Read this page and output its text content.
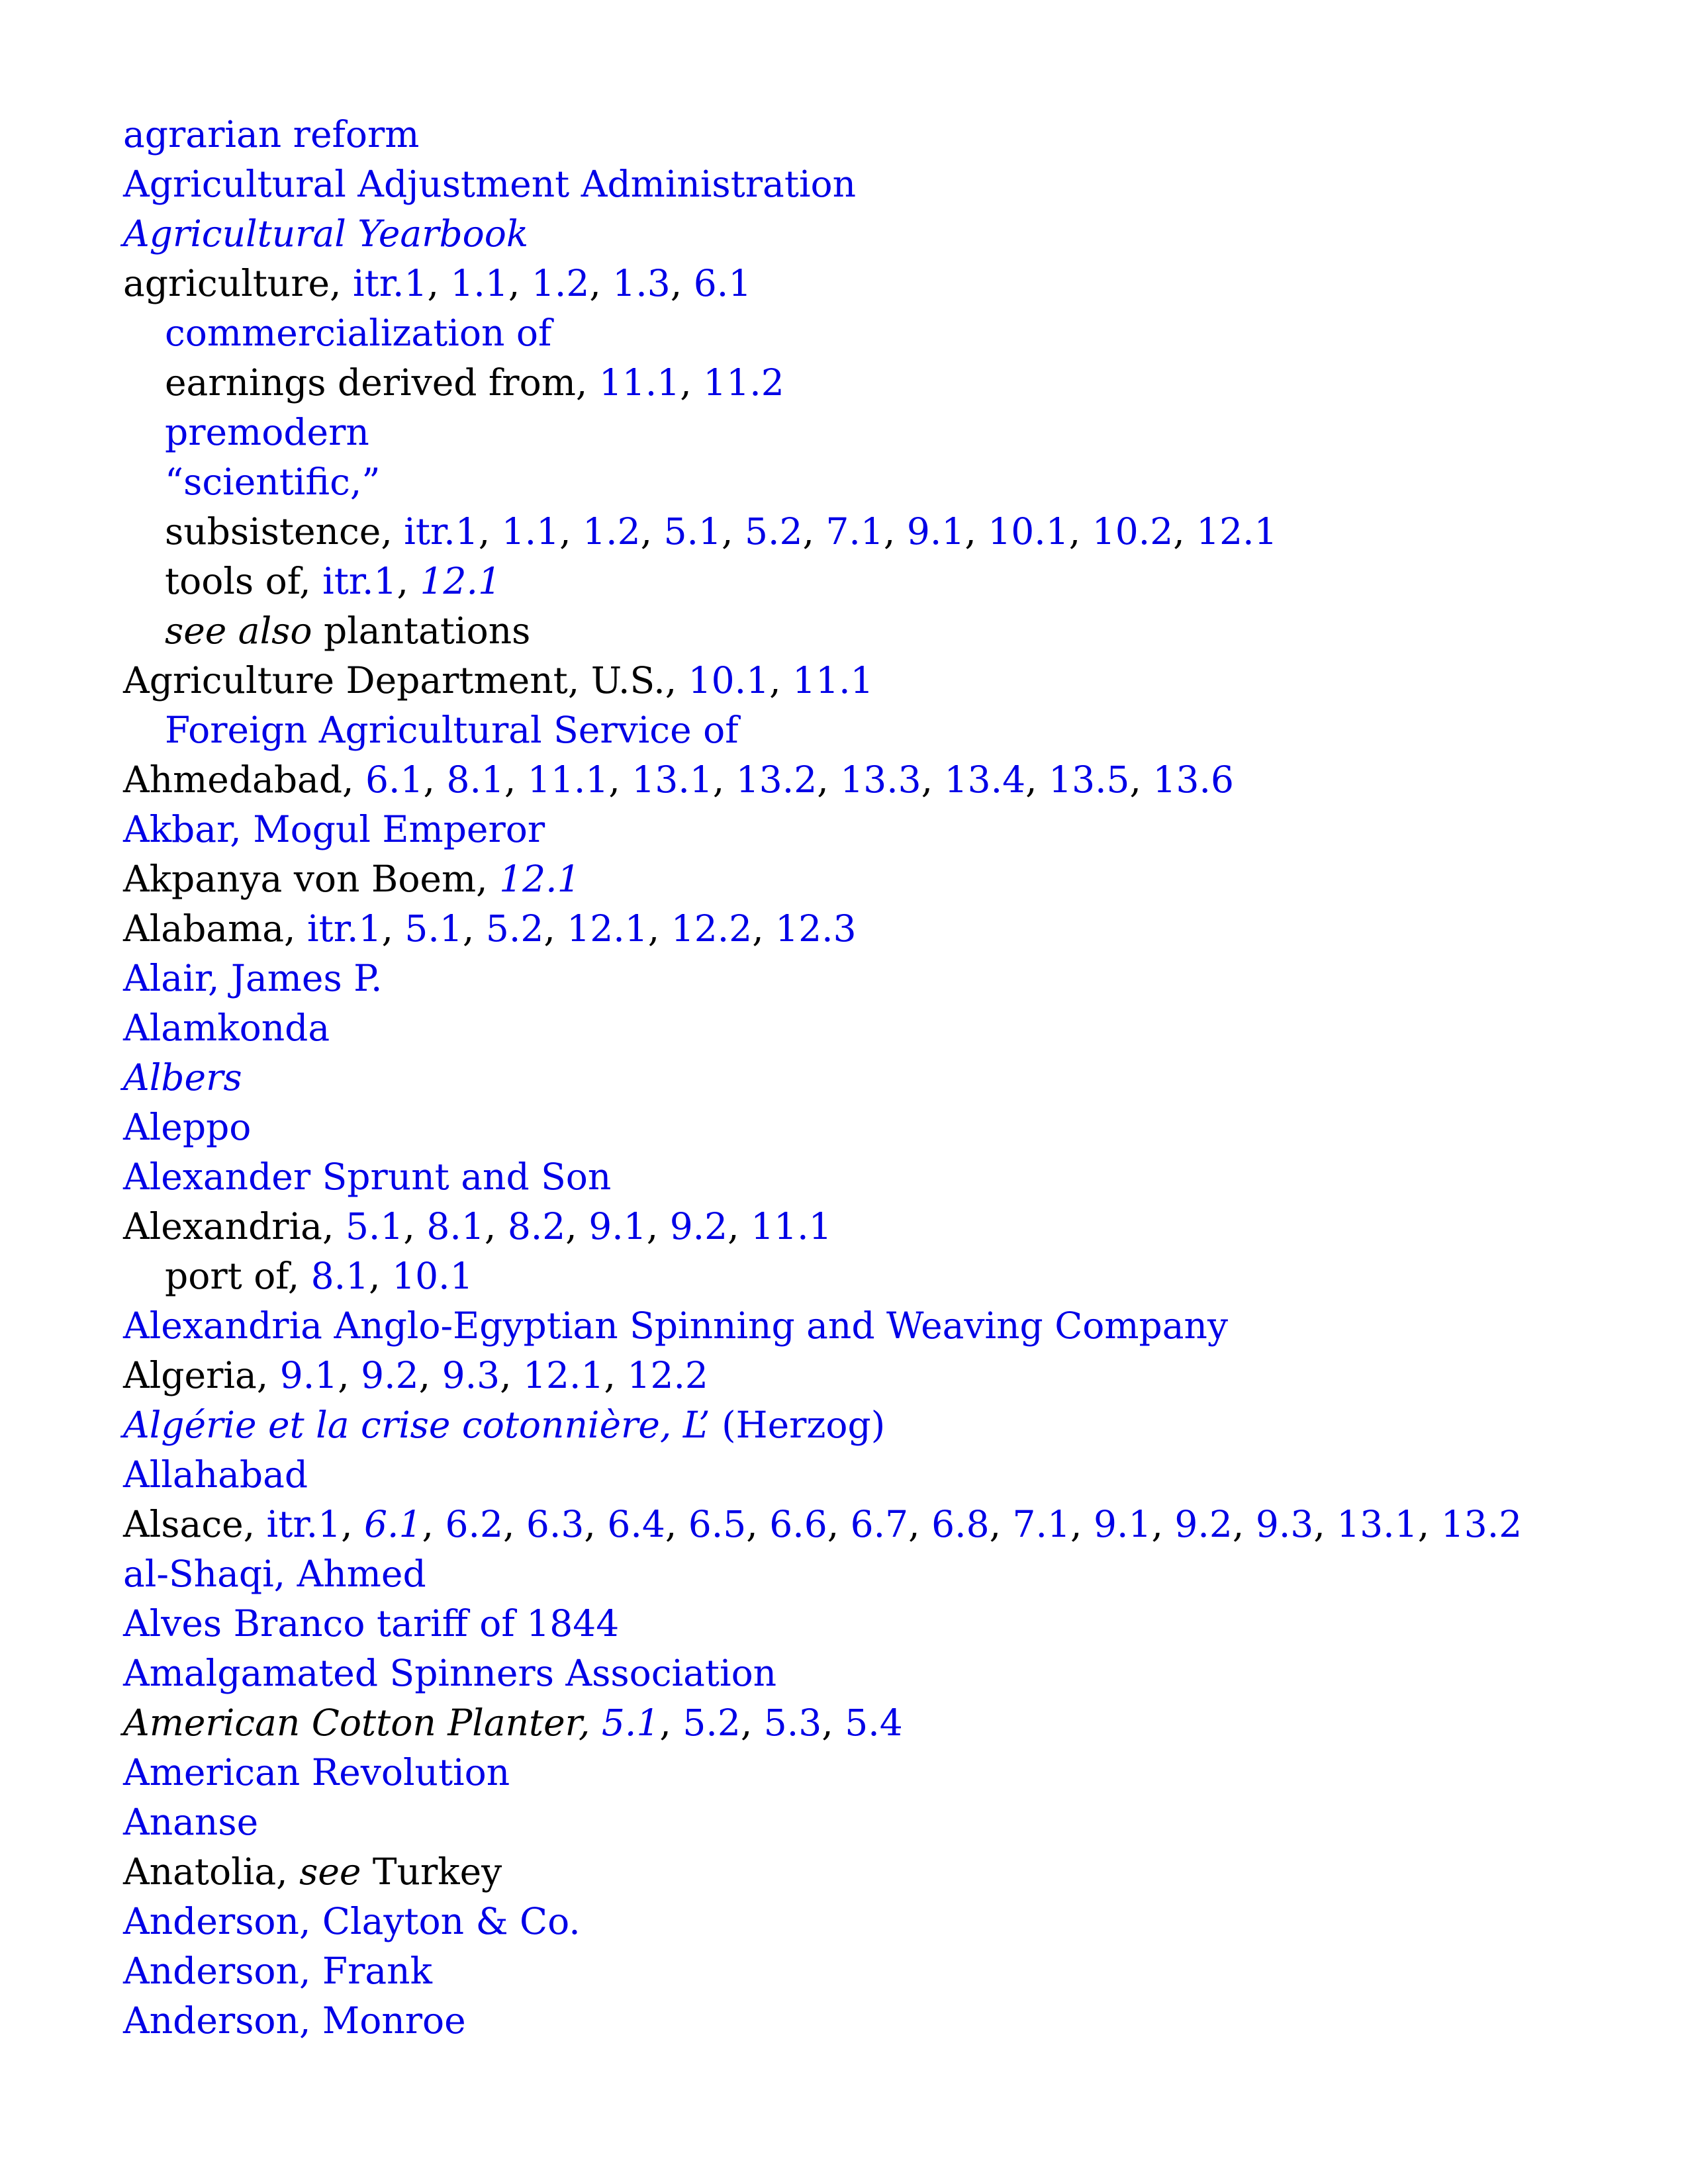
agrarian reform
Agricultural Adjustment Administration
Agricultural Yearbook
agriculture, itr.1, 1.1, 1.2, 1.3, 6.1
commercialization of
earnings derived from, 11.1, 11.2
premodern
“scientific,”
subsistence, itr.1, 1.1, 1.2, 5.1, 5.2, 7.1, 9.1, 10.1, 10.2, 12.1
tools of, itr.1, 12.1
see also plantations
Agriculture Department, U.S., 10.1, 11.1
Foreign Agricultural Service of
Ahmedabad, 6.1, 8.1, 11.1, 13.1, 13.2, 13.3, 13.4, 13.5, 13.6
Akbar, Mogul Emperor
Akpanya von Boem, 12.1
Alabama, itr.1, 5.1, 5.2, 12.1, 12.2, 12.3
Alair, James P.
Alamkonda
Albers
Aleppo
Alexander Sprunt and Son
Alexandria, 5.1, 8.1, 8.2, 9.1, 9.2, 11.1
port of, 8.1, 10.1
Alexandria Anglo-Egyptian Spinning and Weaving Company
Algeria, 9.1, 9.2, 9.3, 12.1, 12.2
Algérie et la crise cotonnière, L’ (Herzog)
Allahabad
Alsace, itr.1, 6.1, 6.2, 6.3, 6.4, 6.5, 6.6, 6.7, 6.8, 7.1, 9.1, 9.2, 9.3, 13.1, 13.2
al-Shaqi, Ahmed
Alves Branco tariff of 1844
Amalgamated Spinners Association
American Cotton Planter, 5.1, 5.2, 5.3, 5.4
American Revolution
Ananse
Anatolia, see Turkey
Anderson, Clayton & Co.
Anderson, Frank
Anderson, Monroe
